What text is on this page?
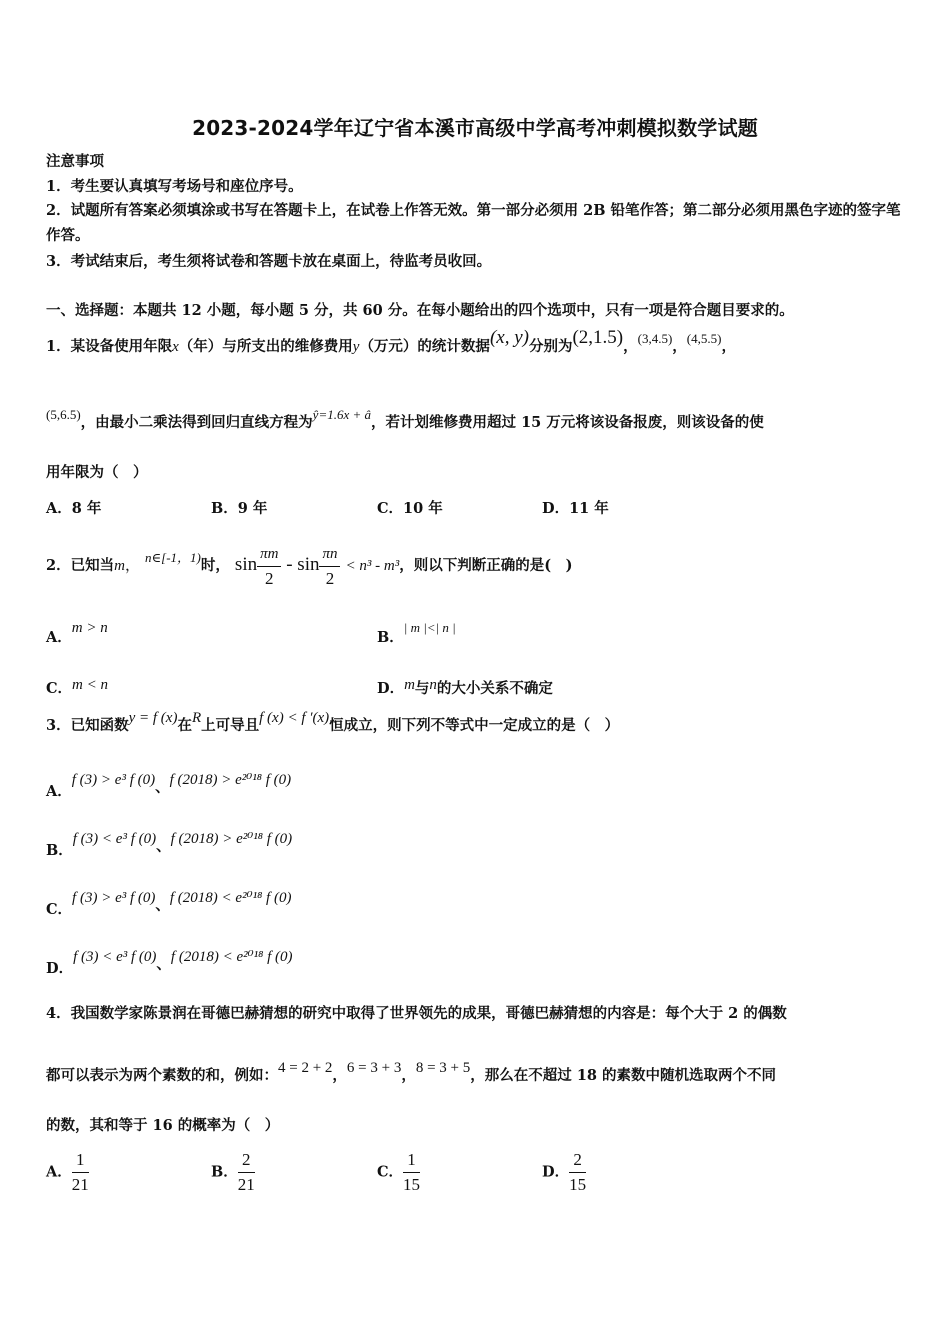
2023-2024学年辽宁省本溪市高级中学高考冲刺模拟数学试题
注意事项
1．考生要认真填写考场号和座位序号。
2．试题所有答案必须填涂或书写在答题卡上，在试卷上作答无效。第一部分必须用 2B 铅笔作答；第二部分必须用黑色字迹的签字笔作答。
3．考试结束后，考生须将试卷和答题卡放在桌面上，待监考员收回。
一、选择题：本题共 12 小题，每小题 5 分，共 60 分。在每小题给出的四个选项中，只有一项是符合题目要求的。
1．某设备使用年限x（年）与所支出的维修费用y（万元）的统计数据(x, y)分别为(2,1.5)，(3,4.5)，(4,5.5)，
(5,6.5)，由最小二乘法得到回归直线方程为ŷ=1.6x + â，若计划维修费用超过 15 万元将该设备报废，则该设备的使
用年限为（　）
A．8 年	B．9 年	C．10 年	D．11 年
2．已知当m， n∈[-1，1)时， $\sin \frac{\pi m}{2} - \sin \frac{\pi n}{2} < n^3 - m^3$，则以下判断正确的是(　)
A．m > n
B．| m |<| n |
C．m < n	D．m与n的大小关系不确定
3．已知函数y = f (x)在R上可导且f (x) < f ′(x)恒成立，则下列不等式中一定成立的是（　）
A．f (3) > e³ f (0)、f (2018) > e²⁰¹⁸ f (0)
B．f (3) < e³ f (0)、f (2018) > e²⁰¹⁸ f (0)
C．f (3) > e³ f (0)、f (2018) < e²⁰¹⁸ f (0)
D．f (3) < e³ f (0)、f (2018) < e²⁰¹⁸ f (0)
4．我国数学家陈景润在哥德巴赫猜想的研究中取得了世界领先的成果，哥德巴赫猜想的内容是：每个大于 2 的偶数
都可以表示为两个素数的和，例如：4 = 2 + 2，6 = 3 + 3，8 = 3 + 5，那么在不超过 18 的素数中随机选取两个不同
的数，其和等于 16 的概率为（　）
A． $\frac{1}{21}$	B． $\frac{2}{21}$	C． $\frac{1}{15}$	D． $\frac{2}{15}$
